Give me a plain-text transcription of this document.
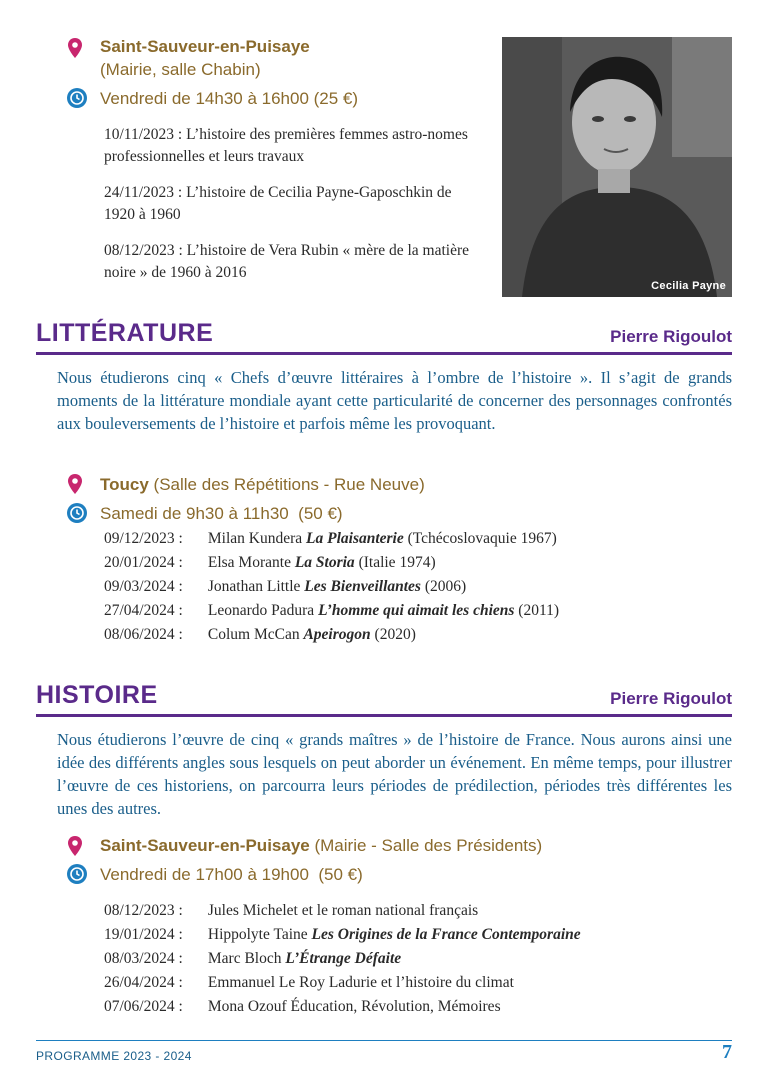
Saint-Sauveur-en-Puisaye
(Mairie, salle Chabin)
Vendredi de 14h30 à 16h00 (25 €)
10/11/2023 : L’histoire des premières femmes astro-nomes professionnelles et leurs travaux
24/11/2023 : L’histoire de Cecilia Payne-Gaposchkin de 1920 à 1960
08/12/2023 : L’histoire de Vera Rubin « mère de la matière noire » de 1960 à 2016
Cecilia Payne
LITTÉRATURE	Pierre Rigoulot
Nous étudierons cinq « Chefs d’œuvre littéraires à l’ombre de l’histoire ». Il s’agit de grands moments de la littérature mondiale ayant cette particularité de concerner des personnages confrontés aux bouleversements de l’histoire et parfois même les provoquant.
Toucy (Salle des Répétitions - Rue Neuve)
Samedi de 9h30 à 11h30  (50 €)
09/12/2023 : Milan Kundera La Plaisanterie (Tchécoslovaquie 1967)
20/01/2024 : Elsa Morante La Storia (Italie 1974)
09/03/2024 : Jonathan Little Les Bienveillantes (2006)
27/04/2024 : Leonardo Padura L’homme qui aimait les chiens (2011)
08/06/2024 : Colum McCan Apeirogon (2020)
HISTOIRE	Pierre Rigoulot
Nous étudierons l’œuvre de cinq « grands maîtres » de l’histoire de France. Nous aurons ainsi une idée des différents angles sous lesquels on peut aborder un événement. En même temps, pour illustrer l’œuvre de ces historiens, on parcourra leurs périodes de prédilection, périodes très différentes les unes des autres.
Saint-Sauveur-en-Puisaye (Mairie - Salle des Présidents)
Vendredi de 17h00 à 19h00  (50 €)
08/12/2023 : Jules Michelet et le roman national français
19/01/2024 : Hippolyte Taine Les Origines de la France Contemporaine
08/03/2024 : Marc Bloch L’Étrange Défaite
26/04/2024 : Emmanuel Le Roy Ladurie et l’histoire du climat
07/06/2024 : Mona Ozouf Éducation, Révolution, Mémoires
PROGRAMME 2023 - 2024	7
